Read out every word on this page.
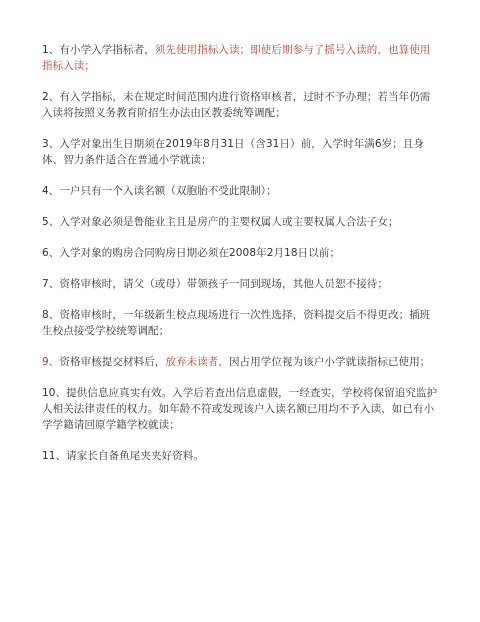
1、有小学入学指标者，须先使用指标入读；即使后期参与了摇号入读的，也算使用指标入读；

2、有入学指标，未在规定时间范围内进行资格审核者，过时不予办理；若当年仍需入读将按照义务教育阶招生办法由区教委统筹调配；

3、入学对象出生日期须在2019年8月31日（含31日）前，入学时年满6岁；且身体、智力条件适合在普通小学就读；

4、一户只有一个入读名额（双胞胎不受此限制）；

5、入学对象必须是鲁能业主且是房产的主要权属人或主要权属人合法子女；

6、入学对象的购房合同购房日期必须在2008年2月18日以前；

7、资格审核时，请父（或母）带领孩子一同到现场，其他人员恕不接待；

8、资格审核时，一年级新生校点现场进行一次性选择，资料提交后不得更改；插班生校点接受学校统筹调配；

9、资格审核提交材料后，放弃未读者，因占用学位视为该户小学就读指标已使用；

10、提供信息应真实有效。入学后若查出信息虚假，一经查实，学校将保留追究监护人相关法律责任的权力。如年龄不符或发现该户入读名额已用均不予入读，如已有小学学籍请回原学籍学校就读；

11、请家长自备鱼尾夹夹好资料。
